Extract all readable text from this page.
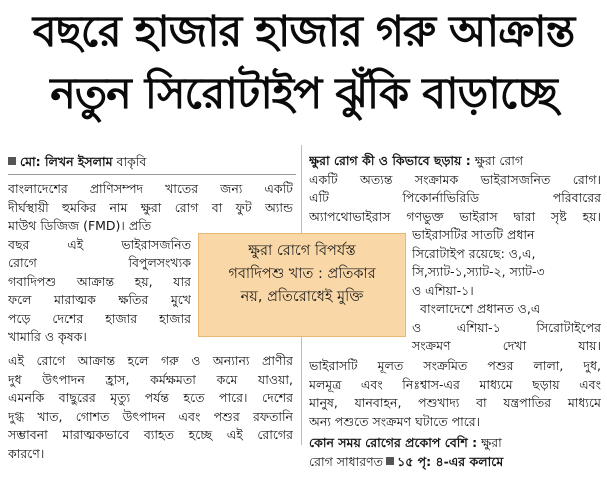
বছরে হাজার হাজার গরু আক্রান্ত
নতুন সিরোটাইপ ঝুঁকি বাড়াচ্ছে
মো: লিখন ইসলাম বাকৃবি
বাংলাদেশের প্রাণিসম্পদ খাতের জন্য একটি
দীর্ঘস্থায়ী হুমকির নাম ক্ষুরা রোগ বা ফুট অ্যান্ড
মাউথ ডিজিজ (FMD)। প্রতি
বছর এই ভাইরাসজনিত
রোগে বিপুলসংখ্যক
গবাদিপশু আক্রান্ত হয়, যার
ফলে মারাত্মক ক্ষতির মুখে
পড়ে দেশের হাজার হাজার
খামারি ও কৃষক।
এই রোগে আক্রান্ত হলে গরু ও অন্যান্য প্রাণীর
দুধ উৎপাদন হ্রাস, কর্মক্ষমতা কমে যাওয়া,
এমনকি বাছুরের মৃত্যু পর্যন্ত হতে পারে। দেশের
দুগ্ধ খাত, গোশত উৎপাদন এবং পশুর রফতানি
সম্ভাবনা মারাত্মকভাবে ব্যাহত হচ্ছে এই রোগের
কারণে।
ক্ষুরা রোগে বিপর্যস্ত
গবাদিপশু খাত : প্রতিকার
নয়, প্রতিরোধেই মুক্তি
ক্ষুরা রোগ কী ও কিভাবে ছড়ায় : ক্ষুরা রোগ
একটি অত্যন্ত সংক্রামক ভাইরাসজনিত রোগ।
এটি পিকোর্নাভিরিডি পরিবারের
অ্যাপথোভাইরাস গণভুক্ত ভাইরাস দ্বারা সৃষ্ট হয়।
ভাইরাসটির সাতটি প্রধান
সিরোটাইপ রয়েছে: ও,এ,
সি,স্যাট-১,স্যাট-২, স্যাট-৩
ও এশিয়া-১।
বাংলাদেশে প্রধানত ও,এ
ও এশিয়া-১ সিরোটাইপের
সংক্রমণ দেখা যায়।
ভাইরাসটি মূলত সংক্রমিত পশুর লালা, দুধ,
মলমূত্র এবং নিঃশ্বাস-এর মাধ্যমে ছড়ায় এবং
মানুষ, যানবাহন, পশুখাদ্য বা যন্ত্রপাতির মাধ্যমে
অন্য পশুতে সংক্রমণ ঘটাতে পারে।
কোন সময় রোগের প্রকোপ বেশি : ক্ষুরা
রোগ সাধারণত ১৫ পৃ: ৪-এর কলামে
